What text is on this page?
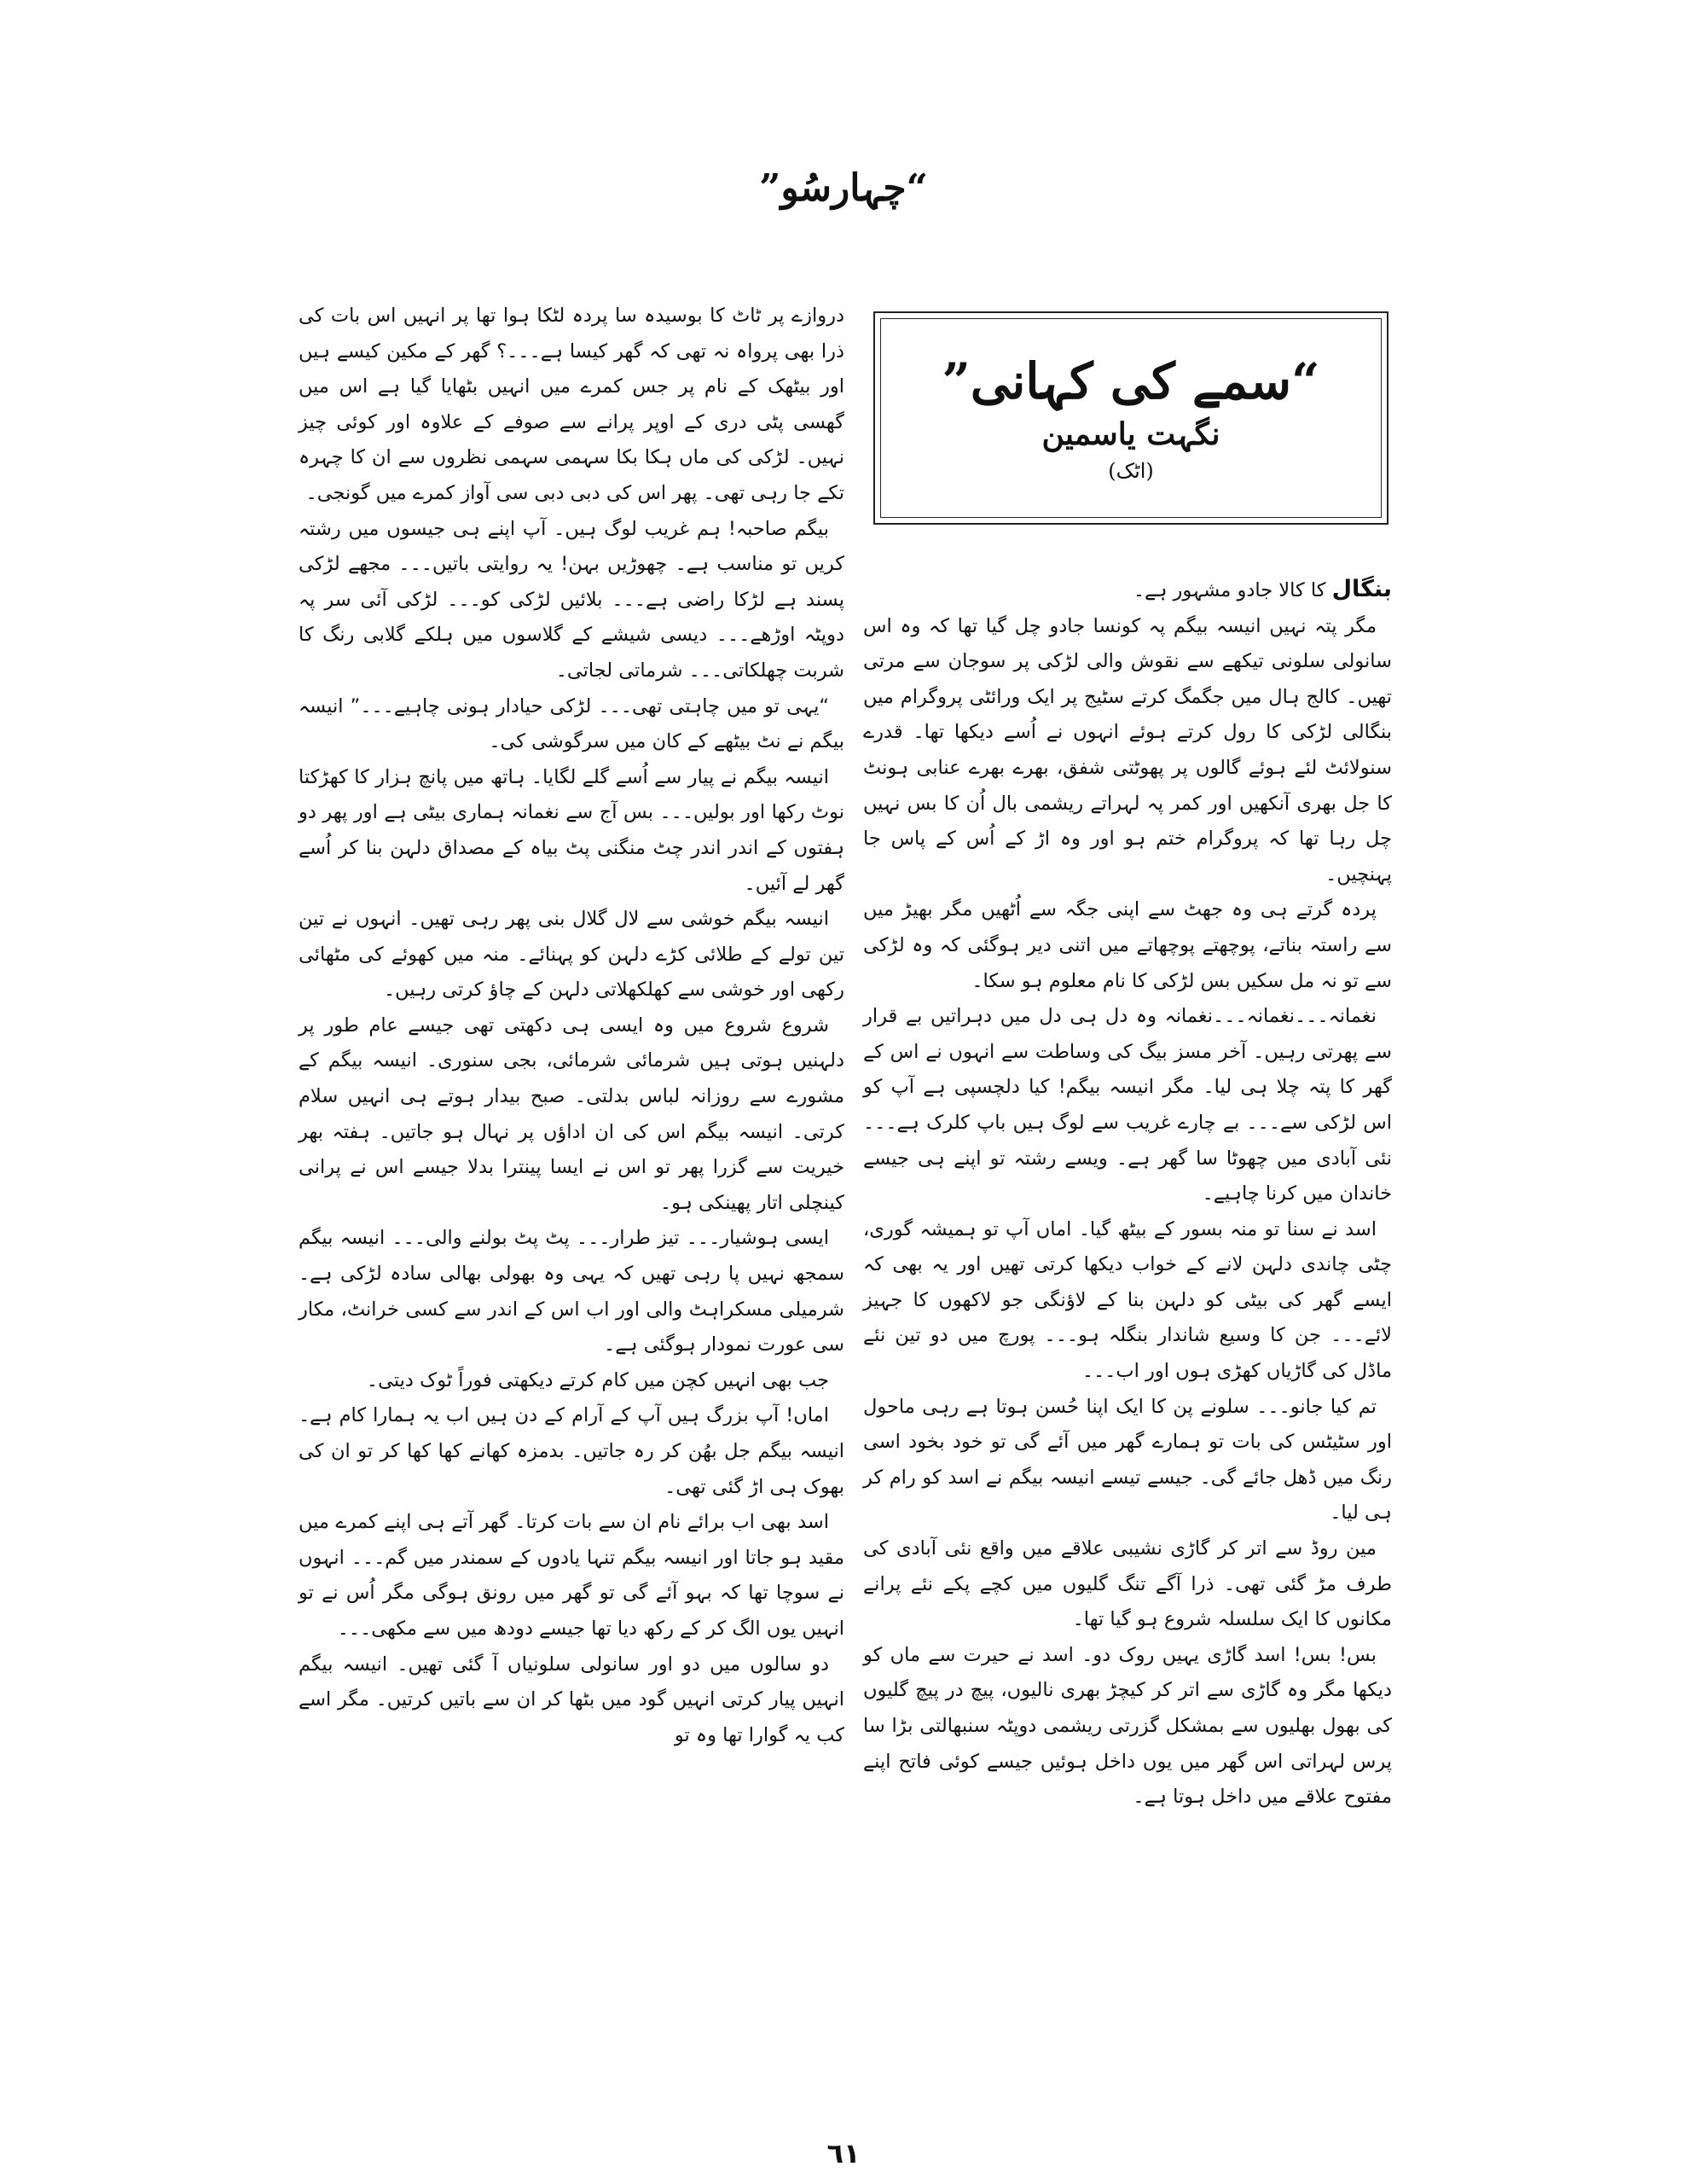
“چہارسُو”

دروازے پر ٹاٹ کا بوسیدہ سا پردہ لٹکا ہوا تھا پر انہیں اس بات کی ذرا بھی پرواہ نہ تھی کہ گھر کیسا ہے۔۔۔؟ گھر کے مکین کیسے ہیں اور بیٹھک کے نام پر جس کمرے میں انہیں بٹھایا گیا ہے اس میں گھسی پٹی دری کے اوپر پرانے سے صوفے کے علاوہ اور کوئی چیز نہیں۔ لڑکی کی ماں ہکا بکا سہمی سہمی نظروں سے ان کا چہرہ تکے جا رہی تھی۔ پھر اس کی دبی دبی سی آواز کمرے میں گونجی۔

بیگم صاحبہ! ہم غریب لوگ ہیں۔ آپ اپنے ہی جیسوں میں رشتہ کریں تو مناسب ہے۔ چھوڑیں بہن! یہ روایتی باتیں۔۔۔ مجھے لڑکی پسند ہے لڑکا راضی ہے۔۔۔ بلائیں لڑکی کو۔۔۔ لڑکی آئی سر پہ دوپٹہ اوڑھے۔۔۔ دیسی شیشے کے گلاسوں میں ہلکے گلابی رنگ کا شربت چھلکاتی۔۔۔ شرماتی لجاتی۔

“یہی تو میں چاہتی تھی۔۔۔ لڑکی حیادار ہونی چاہیے۔۔۔” انیسہ بیگم نے نٹ بیٹھے کے کان میں سرگوشی کی۔

انیسہ بیگم نے پیار سے اُسے گلے لگایا۔ ہاتھ میں پانچ ہزار کا کھڑکتا نوٹ رکھا اور بولیں۔۔۔ بس آج سے نغمانہ ہماری بیٹی ہے اور پھر دو ہفتوں کے اندر اندر چٹ منگنی پٹ بیاہ کے مصداق دلہن بنا کر اُسے گھر لے آئیں۔

انیسہ بیگم خوشی سے لال گلال بنی پھر رہی تھیں۔ انہوں نے تین تین تولے کے طلائی کڑے دلہن کو پہنائے۔ منہ میں کھوئے کی مٹھائی رکھی اور خوشی سے کھلکھلاتی دلہن کے چاؤ کرتی رہیں۔

شروع شروع میں وہ ایسی ہی دکھتی تھی جیسے عام طور پر دلہنیں ہوتی ہیں شرمائی شرمائی، بجی سنوری۔ انیسہ بیگم کے مشورے سے روزانہ لباس بدلتی۔ صبح بیدار ہوتے ہی انہیں سلام کرتی۔ انیسہ بیگم اس کی ان اداؤں پر نہال ہو جاتیں۔ ہفتہ بھر خیریت سے گزرا پھر تو اس نے ایسا پینترا بدلا جیسے اس نے پرانی کینچلی اتار پھینکی ہو۔

ایسی ہوشیار۔۔۔ تیز طرار۔۔۔ پٹ پٹ بولنے والی۔۔۔ انیسہ بیگم سمجھ نہیں پا رہی تھیں کہ یہی وہ بھولی بھالی سادہ لڑکی ہے۔ شرمیلی مسکراہٹ والی اور اب اس کے اندر سے کسی خرانٹ، مکار سی عورت نمودار ہوگئی ہے۔

جب بھی انہیں کچن میں کام کرتے دیکھتی فوراً ٹوک دیتی۔

اماں! آپ بزرگ ہیں آپ کے آرام کے دن ہیں اب یہ ہمارا کام ہے۔ انیسہ بیگم جل بھُن کر رہ جاتیں۔ بدمزہ کھانے کھا کھا کر تو ان کی بھوک ہی اڑ گئی تھی۔

اسد بھی اب برائے نام ان سے بات کرتا۔ گھر آتے ہی اپنے کمرے میں مقید ہو جاتا اور انیسہ بیگم تنہا یادوں کے سمندر میں گم۔۔۔ انہوں نے سوچا تھا کہ بہو آئے گی تو گھر میں رونق ہوگی مگر اُس نے تو انہیں یوں الگ کر کے رکھ دیا تھا جیسے دودھ میں سے مکھی۔۔۔

دو سالوں میں دو اور سانولی سلونیاں آ گئی تھیں۔ انیسہ بیگم انہیں پیار کرتی انہیں گود میں بٹھا کر ان سے باتیں کرتیں۔ مگر اسے کب یہ گوارا تھا وہ تو

“سمے کی کہانی”
نگہت یاسمین
(اٹک)

بنگال کا کالا جادو مشہور ہے۔

مگر پتہ نہیں انیسہ بیگم پہ کونسا جادو چل گیا تھا کہ وہ اس سانولی سلونی تیکھے سے نقوش والی لڑکی پر سوجان سے مرتی تھیں۔ کالج ہال میں جگمگ کرتے سٹیج پر ایک ورائٹی پروگرام میں بنگالی لڑکی کا رول کرتے ہوئے انہوں نے اُسے دیکھا تھا۔ قدرے سنولائٹ لئے ہوئے گالوں پر پھوٹتی شفق، بھرے بھرے عنابی ہونٹ کا جل بھری آنکھیں اور کمر پہ لہراتے ریشمی بال اُن کا بس نہیں چل رہا تھا کہ پروگرام ختم ہو اور وہ اڑ کے اُس کے پاس جا پہنچیں۔

پردہ گرتے ہی وہ جھٹ سے اپنی جگہ سے اُٹھیں مگر بھیڑ میں سے راستہ بناتے، پوچھتے پوچھاتے میں اتنی دیر ہوگئی کہ وہ لڑکی سے تو نہ مل سکیں بس لڑکی کا نام معلوم ہو سکا۔

نغمانہ۔۔۔نغمانہ۔۔۔نغمانہ وہ دل ہی دل میں دہراتیں بے قرار سے پھرتی رہیں۔ آخر مسز بیگ کی وساطت سے انہوں نے اس کے گھر کا پتہ چلا ہی لیا۔ مگر انیسہ بیگم! کیا دلچسپی ہے آپ کو اس لڑکی سے۔۔۔ بے چارے غریب سے لوگ ہیں باپ کلرک ہے۔۔۔ نئی آبادی میں چھوٹا سا گھر ہے۔ ویسے رشتہ تو اپنے ہی جیسے خاندان میں کرنا چاہیے۔

اسد نے سنا تو منہ بسور کے بیٹھ گیا۔ اماں آپ تو ہمیشہ گوری، چٹی چاندی دلہن لانے کے خواب دیکھا کرتی تھیں اور یہ بھی کہ ایسے گھر کی بیٹی کو دلہن بنا کے لاؤنگی جو لاکھوں کا جہیز لائے۔۔۔ جن کا وسیع شاندار بنگلہ ہو۔۔۔ پورچ میں دو تین نئے ماڈل کی گاڑیاں کھڑی ہوں اور اب۔۔۔

تم کیا جانو۔۔۔ سلونے پن کا ایک اپنا حُسن ہوتا ہے رہی ماحول اور سٹیٹس کی بات تو ہمارے گھر میں آئے گی تو خود بخود اسی رنگ میں ڈھل جائے گی۔ جیسے تیسے انیسہ بیگم نے اسد کو رام کر ہی لیا۔

مین روڈ سے اتر کر گاڑی نشیبی علاقے میں واقع نئی آبادی کی طرف مڑ گئی تھی۔ ذرا آگے تنگ گلیوں میں کچے پکے نئے پرانے مکانوں کا ایک سلسلہ شروع ہو گیا تھا۔

بس! بس! اسد گاڑی یہیں روک دو۔ اسد نے حیرت سے ماں کو دیکھا مگر وہ گاڑی سے اتر کر کیچڑ بھری نالیوں، پیچ در پیچ گلیوں کی بھول بھلیوں سے بمشکل گزرتی ریشمی دوپٹہ سنبھالتی بڑا سا پرس لہراتی اس گھر میں یوں داخل ہوئیں جیسے کوئی فاتح اپنے مفتوح علاقے میں داخل ہوتا ہے۔

٦١
